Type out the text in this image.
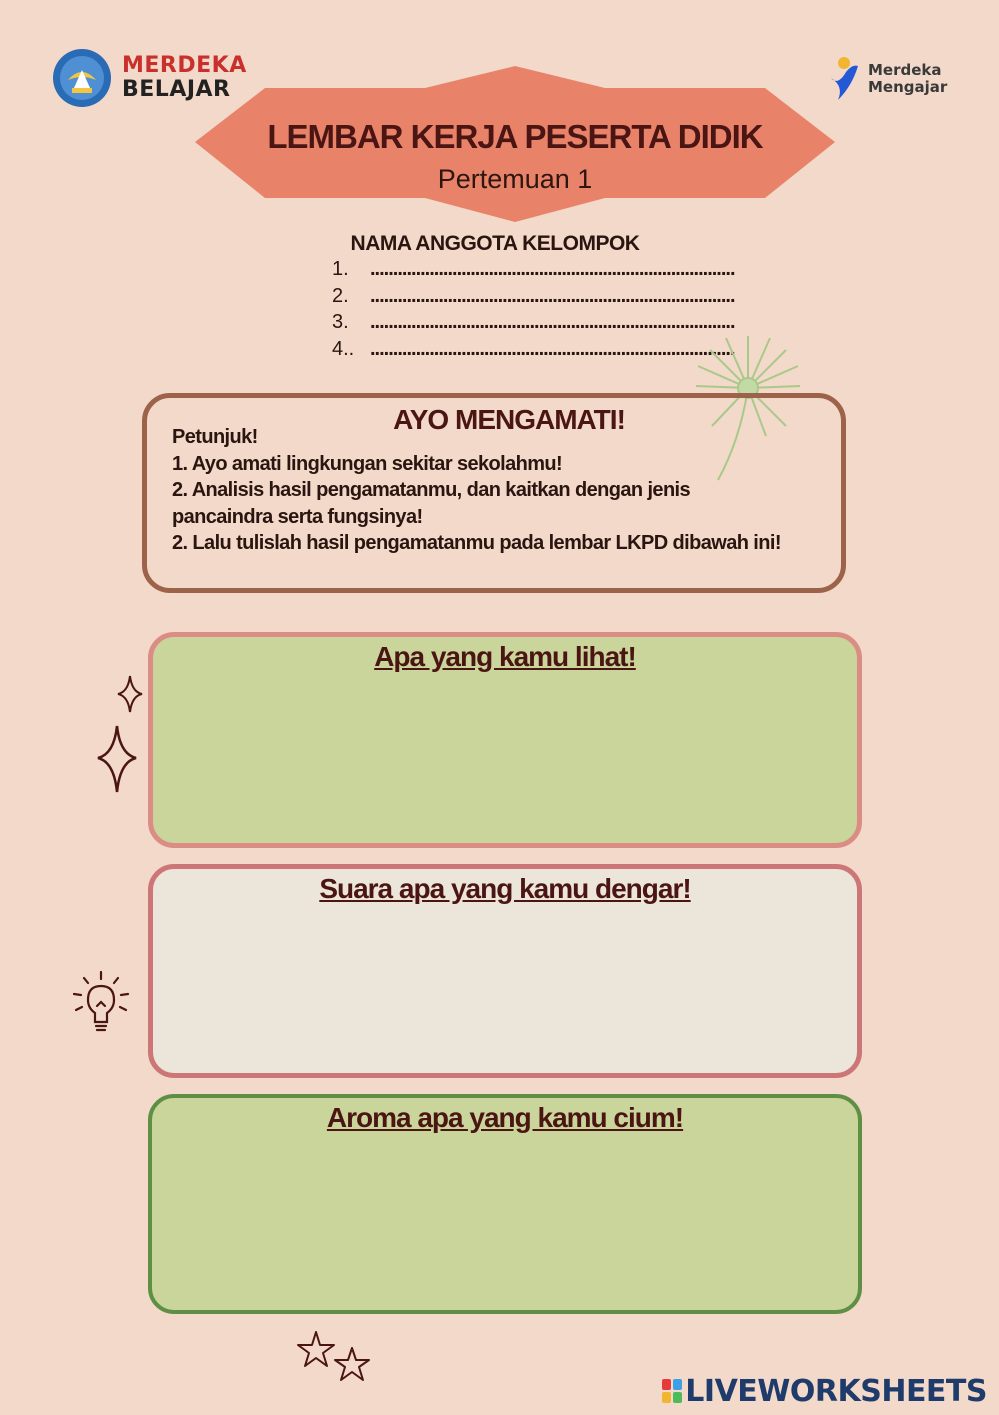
MERDEKA
BELAJAR
Merdeka
Mengajar
LEMBAR KERJA PESERTA DIDIK
Pertemuan 1
NAMA ANGGOTA KELOMPOK
1.	................................................................................
2.	................................................................................
3.	................................................................................
4.. ................................................................................
AYO MENGAMATI!
Petunjuk!
1. Ayo amati lingkungan sekitar sekolahmu!
2. Analisis hasil pengamatanmu, dan kaitkan dengan jenis pancaindra serta fungsinya!
2. Lalu tulislah hasil pengamatanmu pada lembar LKPD dibawah ini!
Apa yang kamu lihat!
Suara apa yang kamu dengar!
Aroma apa yang kamu cium!
LIVEWORKSHEETS
